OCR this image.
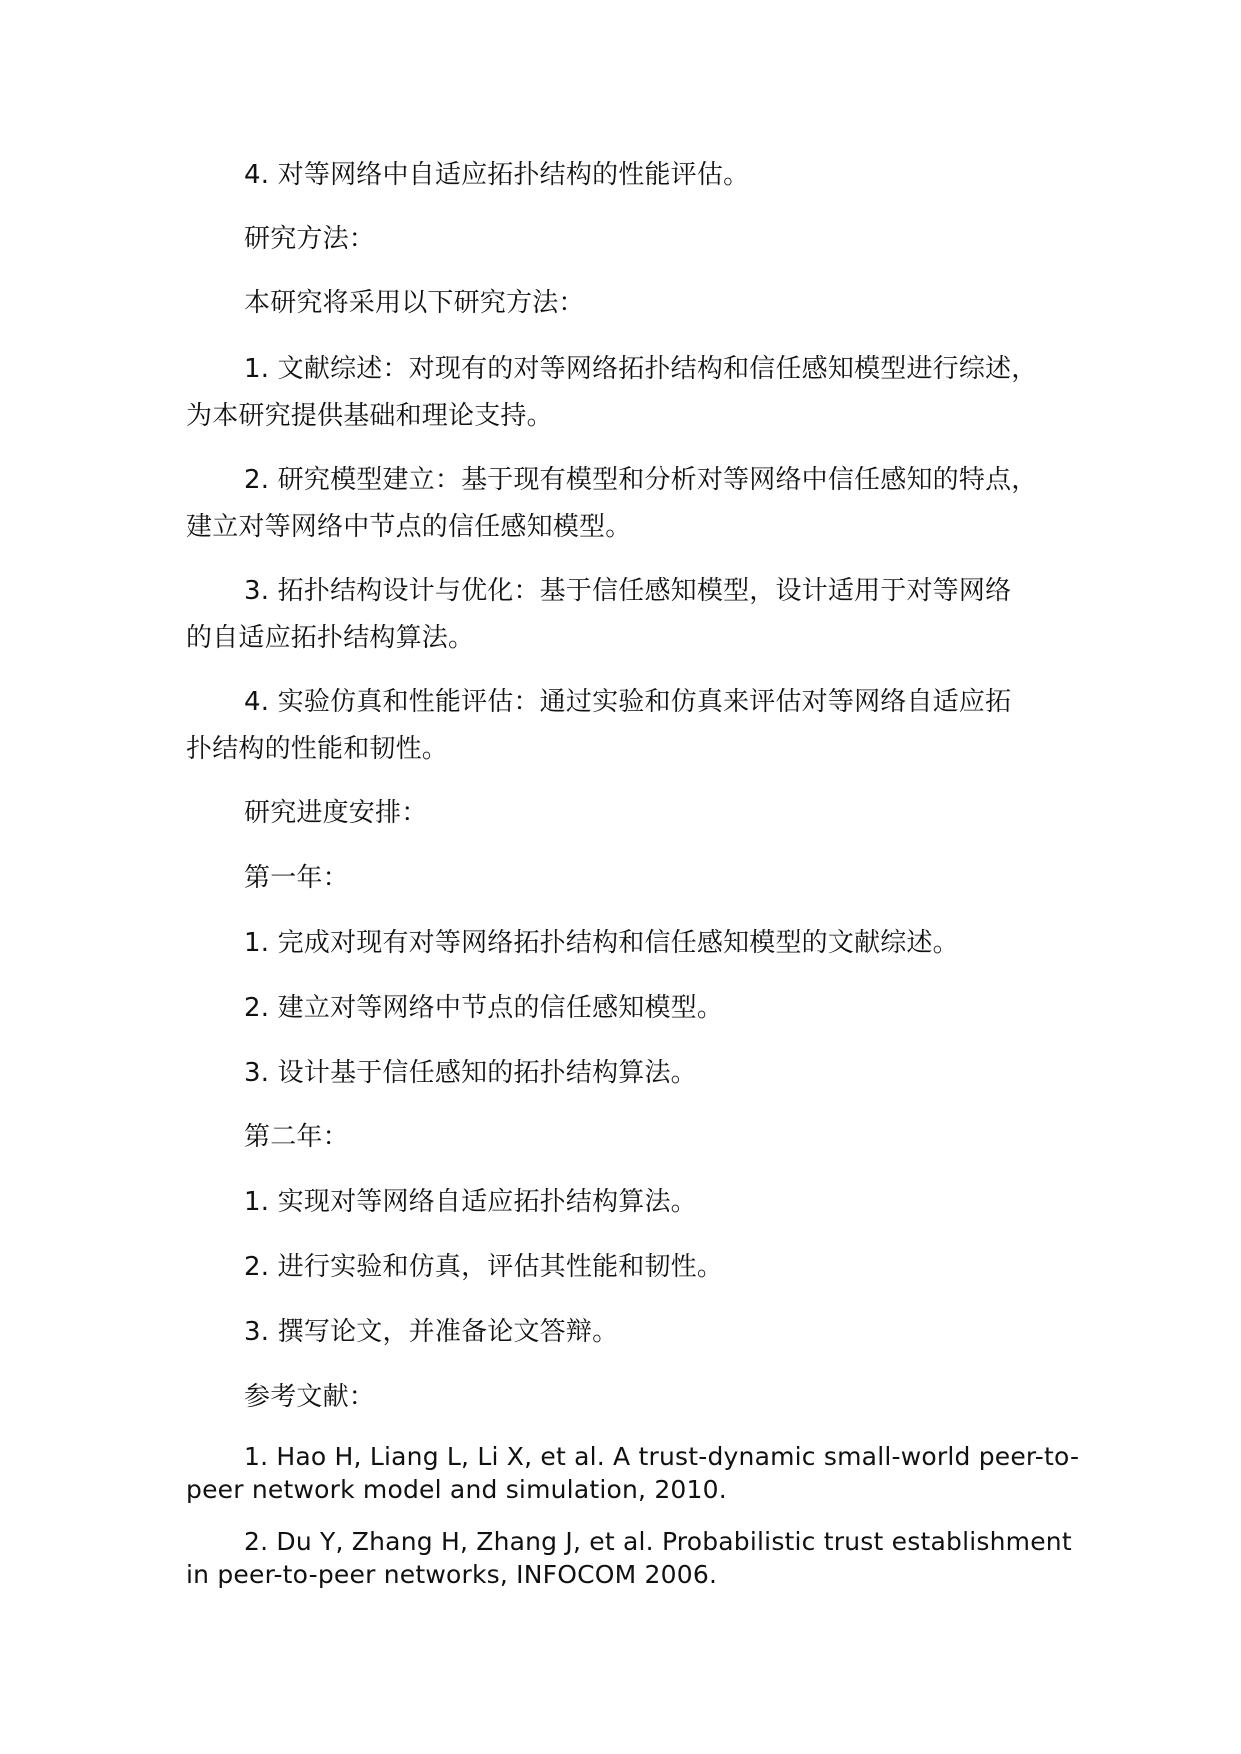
4. 对等网络中自适应拓扑结构的性能评估。
研究方法：
本研究将采用以下研究方法：
1. 文献综述：对现有的对等网络拓扑结构和信任感知模型进行综述，
为本研究提供基础和理论支持。
2. 研究模型建立：基于现有模型和分析对等网络中信任感知的特点，
建立对等网络中节点的信任感知模型。
3. 拓扑结构设计与优化：基于信任感知模型，设计适用于对等网络
的自适应拓扑结构算法。
4. 实验仿真和性能评估：通过实验和仿真来评估对等网络自适应拓
扑结构的性能和韧性。
研究进度安排：
第一年：
1. 完成对现有对等网络拓扑结构和信任感知模型的文献综述。
2. 建立对等网络中节点的信任感知模型。
3. 设计基于信任感知的拓扑结构算法。
第二年：
1. 实现对等网络自适应拓扑结构算法。
2. 进行实验和仿真，评估其性能和韧性。
3. 撰写论文，并准备论文答辩。
参考文献：
1. Hao H, Liang L, Li X, et al. A trust-dynamic small-world peer-to-
peer network model and simulation, 2010.
2. Du Y, Zhang H, Zhang J, et al. Probabilistic trust establishment
in peer-to-peer networks, INFOCOM 2006.
